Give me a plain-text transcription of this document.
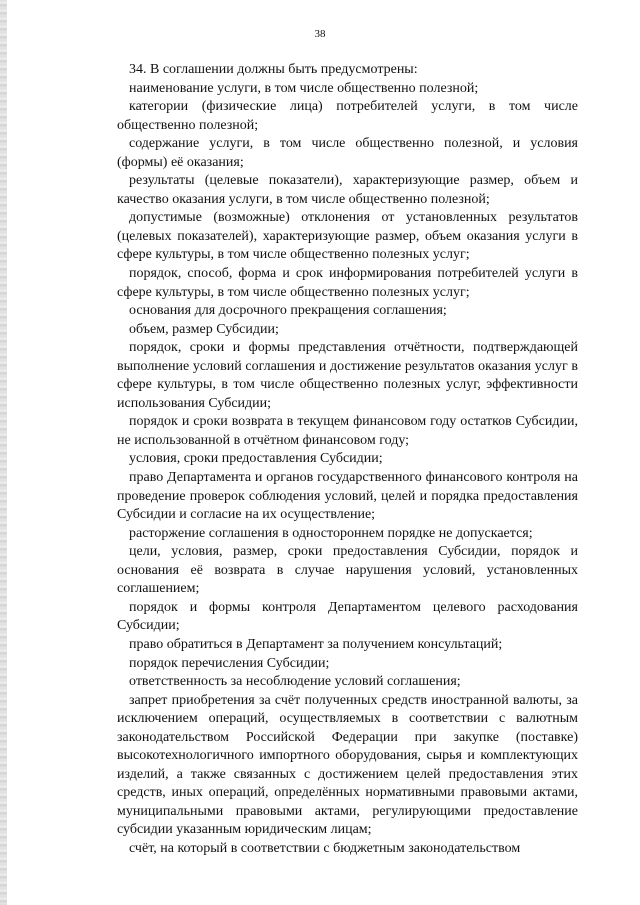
38

34. В соглашении должны быть предусмотрены:

наименование услуги, в том числе общественно полезной;

категории (физические лица) потребителей услуги, в том числе общественно полезной;

содержание услуги, в том числе общественно полезной, и условия (формы) её оказания;

результаты (целевые показатели), характеризующие размер, объем и качество оказания услуги, в том числе общественно полезной;

допустимые (возможные) отклонения от установленных результатов (целевых показателей), характеризующие размер, объем оказания услуги в сфере культуры, в том числе общественно полезных услуг;

порядок, способ, форма и срок информирования потребителей услуги в сфере культуры, в том числе общественно полезных услуг;

основания для досрочного прекращения соглашения;

объем, размер Субсидии;

порядок, сроки и формы представления отчётности, подтверждающей выполнение условий соглашения и достижение результатов оказания услуг в сфере культуры, в том числе общественно полезных услуг, эффективности использования Субсидии;

порядок и сроки возврата в текущем финансовом году остатков Субсидии, не использованной в отчётном финансовом году;

условия, сроки предоставления Субсидии;

право Департамента и органов государственного финансового контроля на проведение проверок соблюдения условий, целей и порядка предоставления Субсидии и согласие на их осуществление;

расторжение соглашения в одностороннем порядке не допускается;

цели, условия, размер, сроки предоставления Субсидии, порядок и основания её возврата в случае нарушения условий, установленных соглашением;

порядок и формы контроля Департаментом целевого расходования Субсидии;

право обратиться в Департамент за получением консультаций;

порядок перечисления Субсидии;

ответственность за несоблюдение условий соглашения;

запрет приобретения за счёт полученных средств иностранной валюты, за исключением операций, осуществляемых в соответствии с валютным законодательством Российской Федерации при закупке (поставке) высокотехнологичного импортного оборудования, сырья и комплектующих изделий, а также связанных с достижением целей предоставления этих средств, иных операций, определённых нормативными правовыми актами, муниципальными правовыми актами, регулирующими предоставление субсидии указанным юридическим лицам;

счёт, на который в соответствии с бюджетным законодательством
